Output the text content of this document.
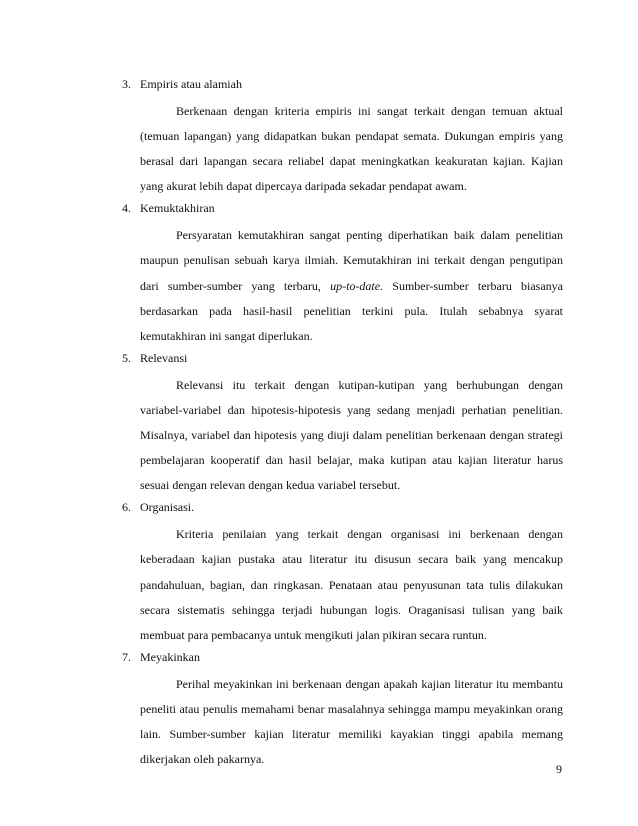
3. Empiris atau alamiah

Berkenaan dengan kriteria empiris ini sangat terkait dengan temuan aktual (temuan lapangan) yang didapatkan bukan pendapat semata. Dukungan empiris yang berasal dari lapangan secara reliabel dapat meningkatkan keakuratan kajian. Kajian yang akurat lebih dapat dipercaya daripada sekadar pendapat awam.

4. Kemuktakhiran

Persyaratan kemutakhiran sangat penting diperhatikan baik dalam penelitian maupun penulisan sebuah karya ilmiah. Kemutakhiran ini terkait dengan pengutipan dari sumber-sumber yang terbaru, up-to-date. Sumber-sumber terbaru biasanya berdasarkan pada hasil-hasil penelitian terkini pula. Itulah sebabnya syarat kemutakhiran ini sangat diperlukan.

5. Relevansi

Relevansi itu terkait dengan kutipan-kutipan yang berhubungan dengan variabel-variabel dan hipotesis-hipotesis yang sedang menjadi perhatian penelitian. Misalnya, variabel dan hipotesis yang diuji dalam penelitian berkenaan dengan strategi pembelajaran kooperatif dan hasil belajar, maka kutipan atau kajian literatur harus sesuai dengan relevan dengan kedua variabel tersebut.

6. Organisasi.

Kriteria penilaian yang terkait dengan organisasi ini berkenaan dengan keberadaan kajian pustaka atau literatur itu disusun secara baik yang mencakup pandahuluan, bagian, dan ringkasan. Penataan atau penyusunan tata tulis dilakukan secara sistematis sehingga terjadi hubungan logis. Oraganisasi tulisan yang baik membuat para pembacanya untuk mengikuti jalan pikiran secara runtun.

7. Meyakinkan

Perihal meyakinkan ini berkenaan dengan apakah kajian literatur itu membantu peneliti atau penulis memahami benar masalahnya sehingga mampu meyakinkan orang lain. Sumber-sumber kajian literatur memiliki kayakian tinggi apabila memang dikerjakan oleh pakarnya.

9
